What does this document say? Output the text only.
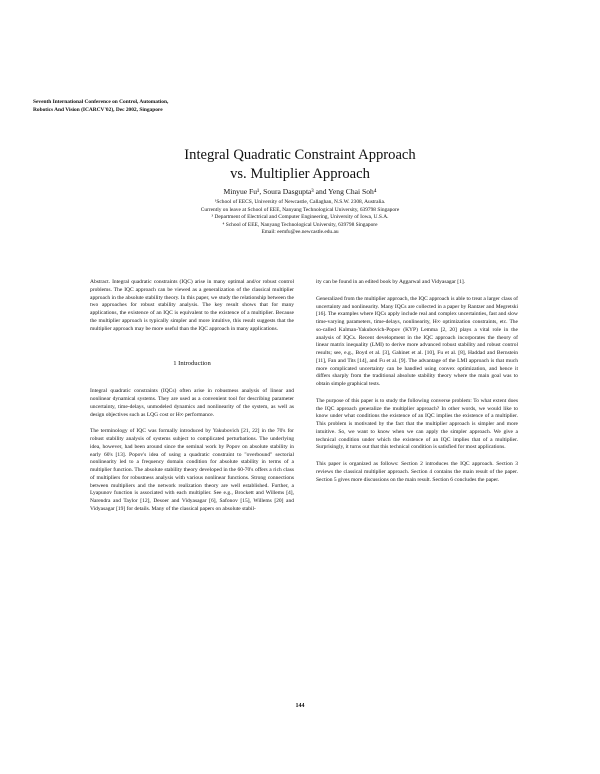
Seventh International Conference on Control, Automation,
Robotics And Vision (ICARCV'02), Dec 2002, Singapore
Integral Quadratic Constraint Approach
vs. Multiplier Approach
Minyue Fu¹, Soura Dasgupta³ and Yeng Chai Soh⁴
¹School of EECS, University of Newcastle, Callaghan, N.S.W. 2308, Australia.
Currently on leave at School of EEE, Nanyang Technological University, 639798 Singapore
³ Department of Electrical and Computer Engineering, University of Iowa, U.S.A.
⁴ School of EEE, Nanyang Technological University, 639798 Singapore
Email: eemfu@ee.newcastle.edu.au

Abstract. Integral quadratic constraints (IQC) arise in many optimal and/or robust control problems. The IQC approach can be viewed as a generalization of the classical multiplier approach in the absolute stability theory. In this paper, we study the relationship between the two approaches for robust stability analysis. The key result shows that for many applications, the existence of an IQC is equivalent to the existence of a multiplier. Because the multiplier approach is typically simpler and more intuitive, this result suggests that the multiplier approach may be more useful than the IQC approach in many applications.

1 Introduction

Integral quadratic constraints (IQCs) often arise in robustness analysis of linear and nonlinear dynamical systems. They are used as a convenient tool for describing parameter uncertainty, time-delays, unmodeled dynamics and nonlinearity of the system, as well as design objectives such as LQG cost or H∞ performance.

The terminology of IQC was formally introduced by Yakubovich [21, 22] in the 70's for robust stability analysis of systems subject to complicated perturbations. The underlying idea, however, had been around since the seminal work by Popov on absolute stability in early 60's [13]. Popov's idea of using a quadratic constraint to "overbound" sectorial nonlinearity led to a frequency domain condition for absolute stability in terms of a multiplier function. The absolute stability theory developed in the 60-70's offers a rich class of multipliers for robustness analysis with various nonlinear functions. Strong connections between multipliers and the network realization theory are well established. Further, a Lyapunov function is associated with each multiplier. See e.g., Brockett and Willems [4], Narendra and Taylor [12], Desoer and Vidyasagar [6], Safonov [15], Willems [20] and Vidyasagar [19] for details. Many of the classical papers on absolute stabil-

ity can be found in an edited book by Aggarwal and Vidyasagar [1].

Generalized from the multiplier approach, the IQC approach is able to treat a larger class of uncertainty and nonlinearity. Many IQCs are collected in a paper by Rantzer and Megretski [16]. The examples where IQCs apply include real and complex uncertainties, fast and slow time-varying parameters, time-delays, nonlinearity, H∞ optimization constraints, etc. The so-called Kalman-Yakubovich-Popov (KYP) Lemma [2, 20] plays a vital role in the analysis of IQCs. Recent development in the IQC approach incorporates the theory of linear matrix inequality (LMI) to derive more advanced robust stability and robust control results; see, e.g., Boyd et al. [3], Gahinet et al. [10], Fu et al. [8], Haddad and Bernstein [11], Fan and Tits [14], and Fu et al. [9]. The advantage of the LMI approach is that much more complicated uncertainty can be handled using convex optimization, and hence it differs sharply from the traditional absolute stability theory where the main goal was to obtain simple graphical tests.

The purpose of this paper is to study the following converse problem: To what extent does the IQC approach generalize the multiplier approach? In other words, we would like to know under what conditions the existence of an IQC implies the existence of a multiplier. This problem is motivated by the fact that the multiplier approach is simpler and more intuitive. So, we want to know when we can apply the simpler approach. We give a technical condition under which the existence of an IQC implies that of a multiplier. Surprisingly, it turns out that this technical condition is satisfied for most applications.

This paper is organized as follows: Section 2 introduces the IQC approach. Section 3 reviews the classical multiplier approach. Section 4 contains the main result of the paper. Section 5 gives more discussions on the main result. Section 6 concludes the paper.

144
